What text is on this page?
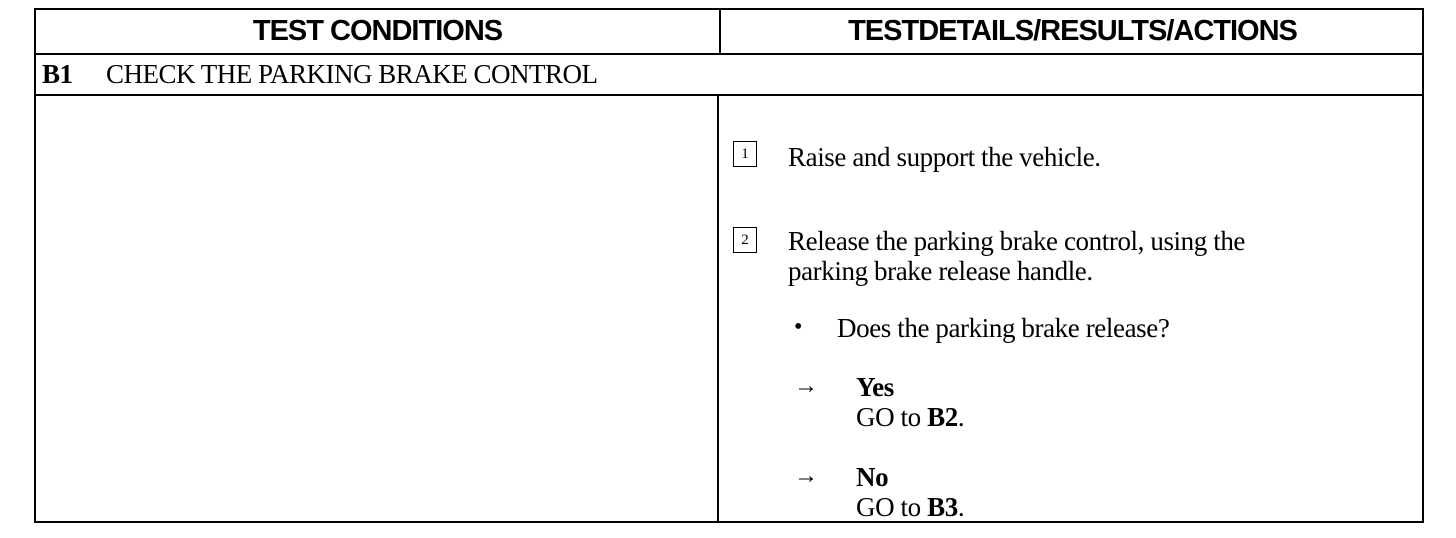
TEST CONDITIONS	TESTDETAILS/RESULTS/ACTIONS
B1	CHECK THE PARKING BRAKE CONTROL
1	Raise and support the vehicle.
2	Release the parking brake control, using the
parking brake release handle.
• Does the parking brake release?
→ Yes
GO to B2.
→ No
GO to B3.
